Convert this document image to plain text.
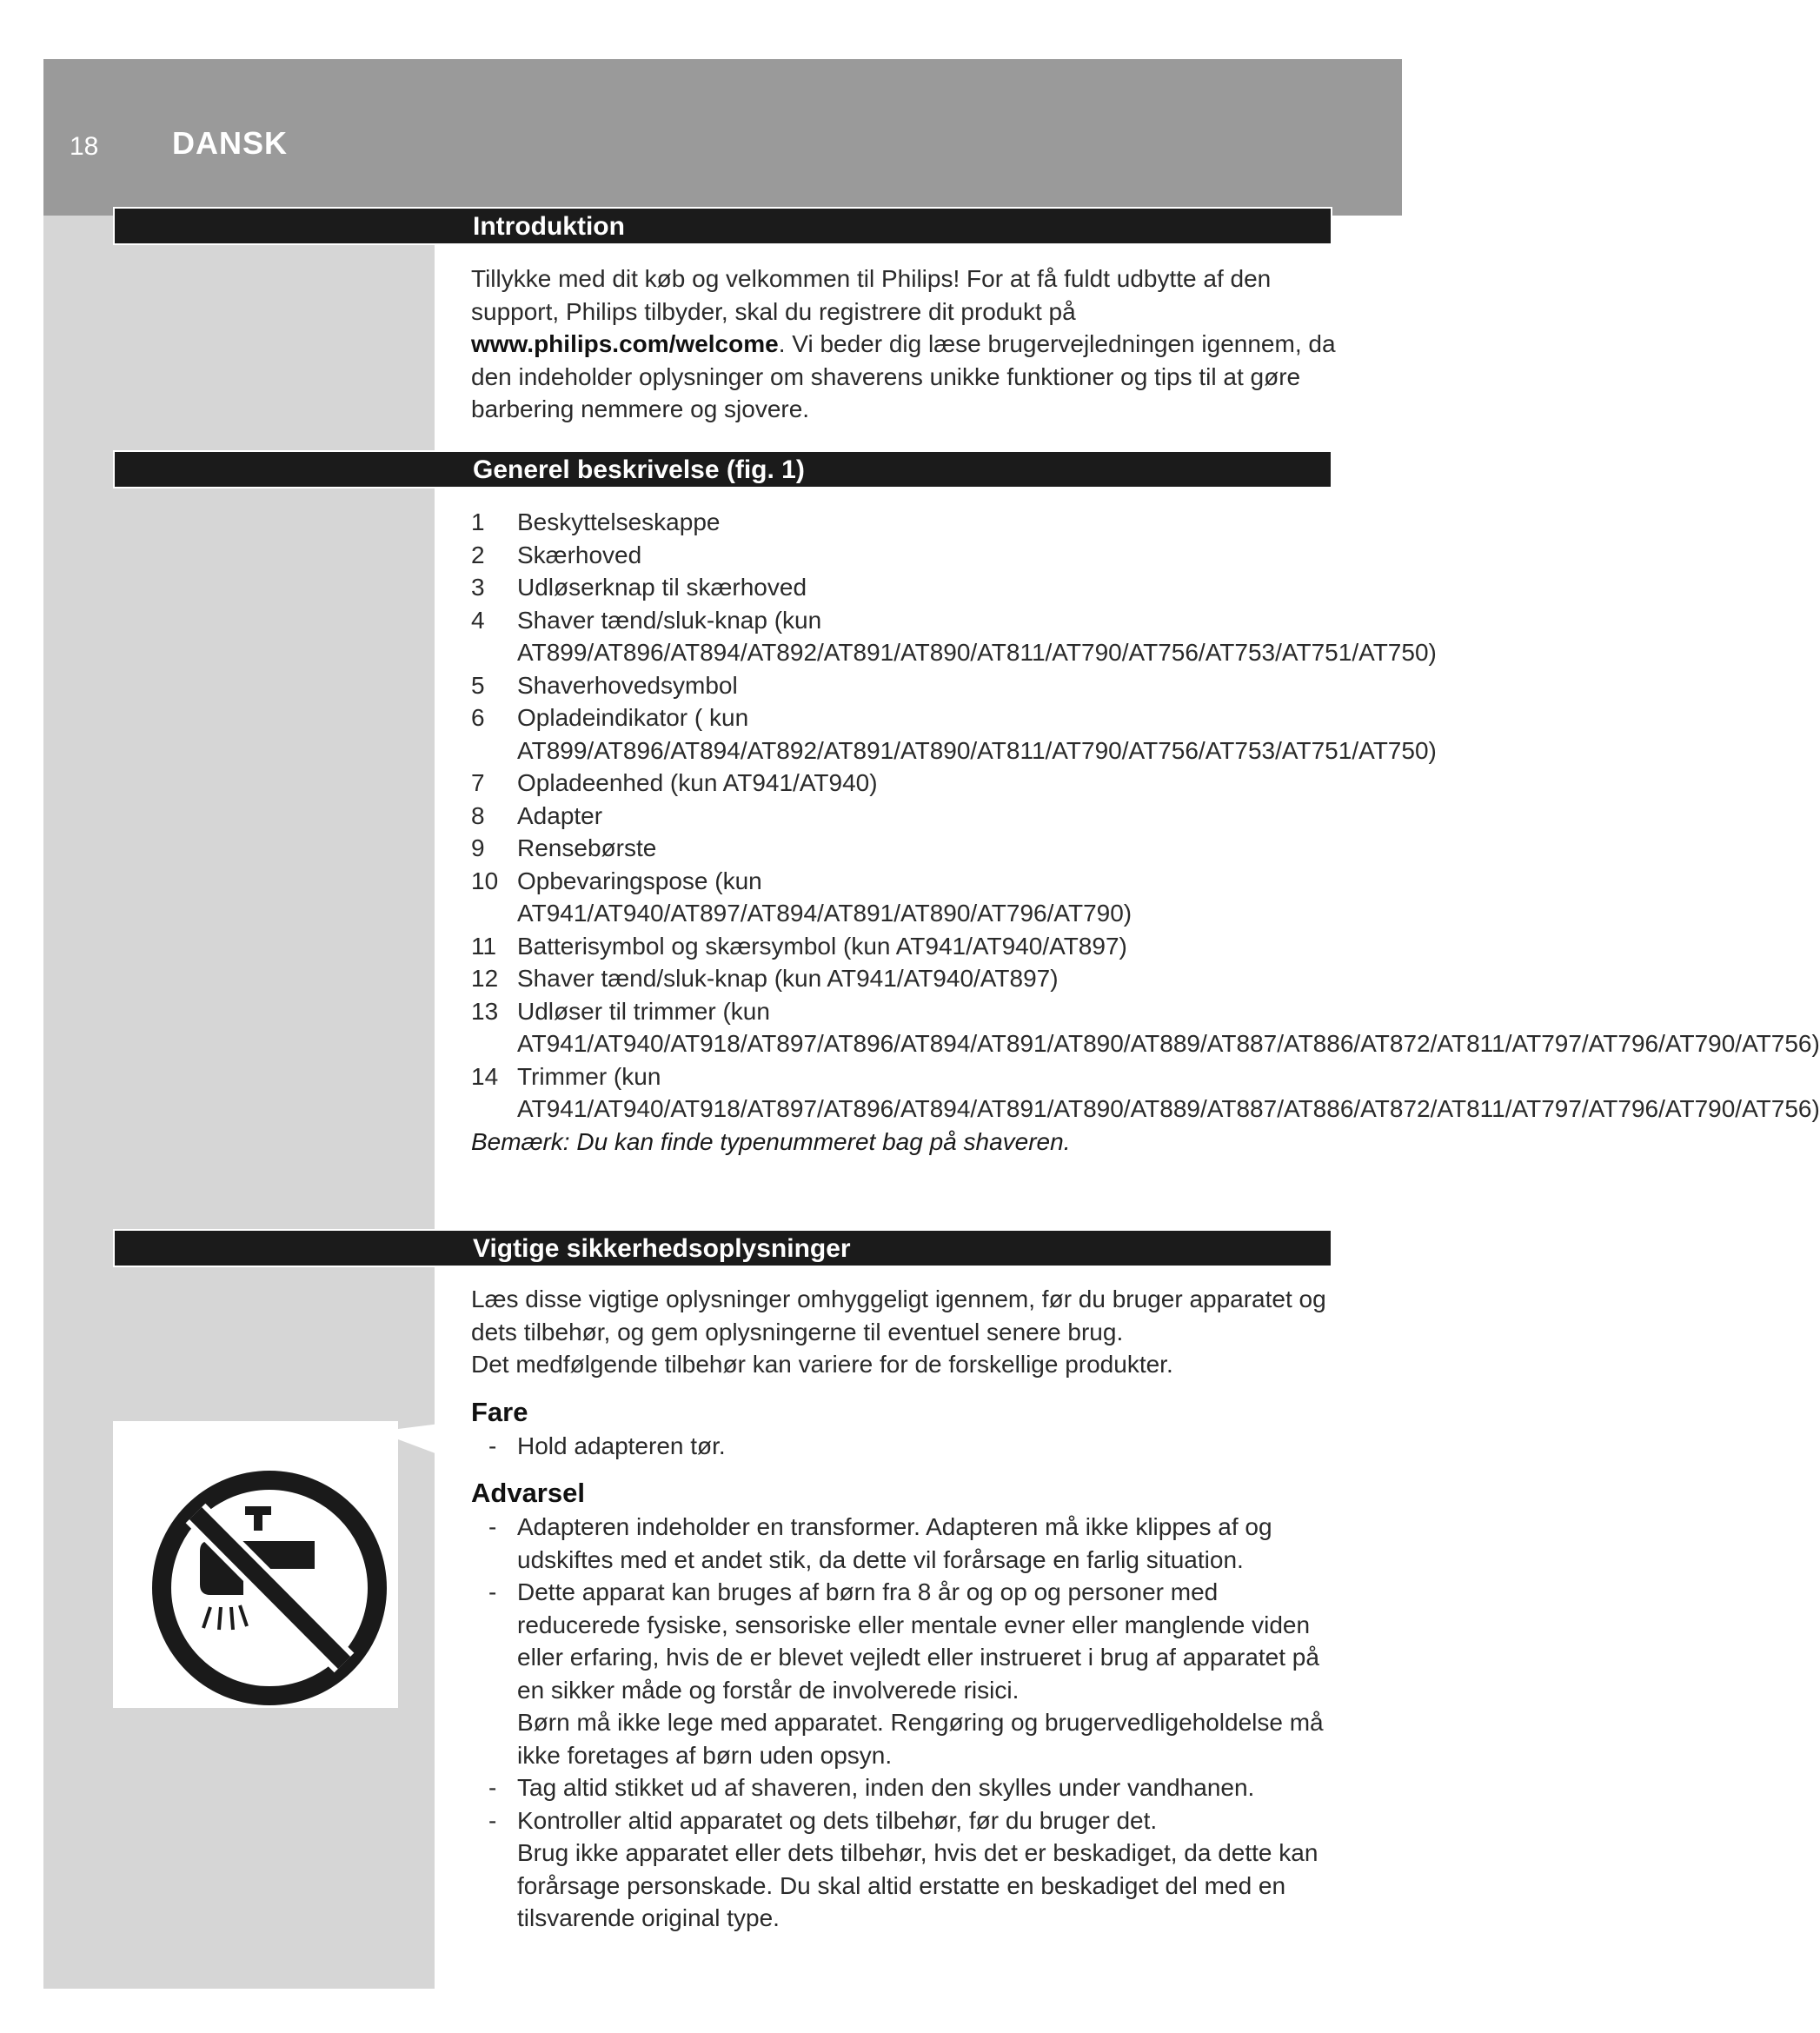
18 DANSK
Introduktion

Tillykke med dit køb og velkommen til Philips! For at få fuldt udbytte af den support, Philips tilbyder, skal du registrere dit produkt på www.philips.com/welcome. Vi beder dig læse brugervejledningen igennem, da den indeholder oplysninger om shaverens unikke funktioner og tips til at gøre barbering nemmere og sjovere.

Generel beskrivelse (fig. 1)
1 Beskyttelseskappe
2 Skærhoved
3 Udløserknap til skærhoved
4 Shaver tænd/sluk-knap (kun AT899/AT896/AT894/AT892/AT891/AT890/AT811/AT790/AT756/AT753/AT751/AT750)
5 Shaverhovedsymbol
6 Opladeindikator ( kun AT899/AT896/AT894/AT892/AT891/AT890/AT811/AT790/AT756/AT753/AT751/AT750)
7 Opladeenhed (kun AT941/AT940)
8 Adapter
9 Rensebørste
10 Opbevaringspose (kun AT941/AT940/AT897/AT894/AT891/AT890/AT796/AT790)
11 Batterisymbol og skærsymbol (kun AT941/AT940/AT897)
12 Shaver tænd/sluk-knap (kun AT941/AT940/AT897)
13 Udløser til trimmer (kun AT941/AT940/AT918/AT897/AT896/AT894/AT891/AT890/AT889/AT887/AT886/AT872/AT811/AT797/AT796/AT790/AT756)
14 Trimmer (kun AT941/AT940/AT918/AT897/AT896/AT894/AT891/AT890/AT889/AT887/AT886/AT872/AT811/AT797/AT796/AT790/AT756)

Bemærk: Du kan finde typenummeret bag på shaveren.

Vigtige sikkerhedsoplysninger

Læs disse vigtige oplysninger omhyggeligt igennem, før du bruger apparatet og dets tilbehør, og gem oplysningerne til eventuel senere brug.

Det medfølgende tilbehør kan variere for de forskellige produkter.

Fare

- Hold adapteren tør.

Advarsel

- Adapteren indeholder en transformer. Adapteren må ikke klippes af og udskiftes med et andet stik, da dette vil forårsage en farlig situation.
- Dette apparat kan bruges af børn fra 8 år og op og personer med reducerede fysiske, sensoriske eller mentale evner eller manglende viden eller erfaring, hvis de er blevet vejledt eller instrueret i brug af apparatet på en sikker måde og forstår de involverede risici.
Børn må ikke lege med apparatet. Rengøring og brugervedligeholdelse må ikke foretages af børn uden opsyn.
- Tag altid stikket ud af shaveren, inden den skylles under vandhanen.
- Kontroller altid apparatet og dets tilbehør, før du bruger det.
Brug ikke apparatet eller dets tilbehør, hvis det er beskadiget, da dette kan forårsage personskade. Du skal altid erstatte en beskadiget del med en tilsvarende original type.
